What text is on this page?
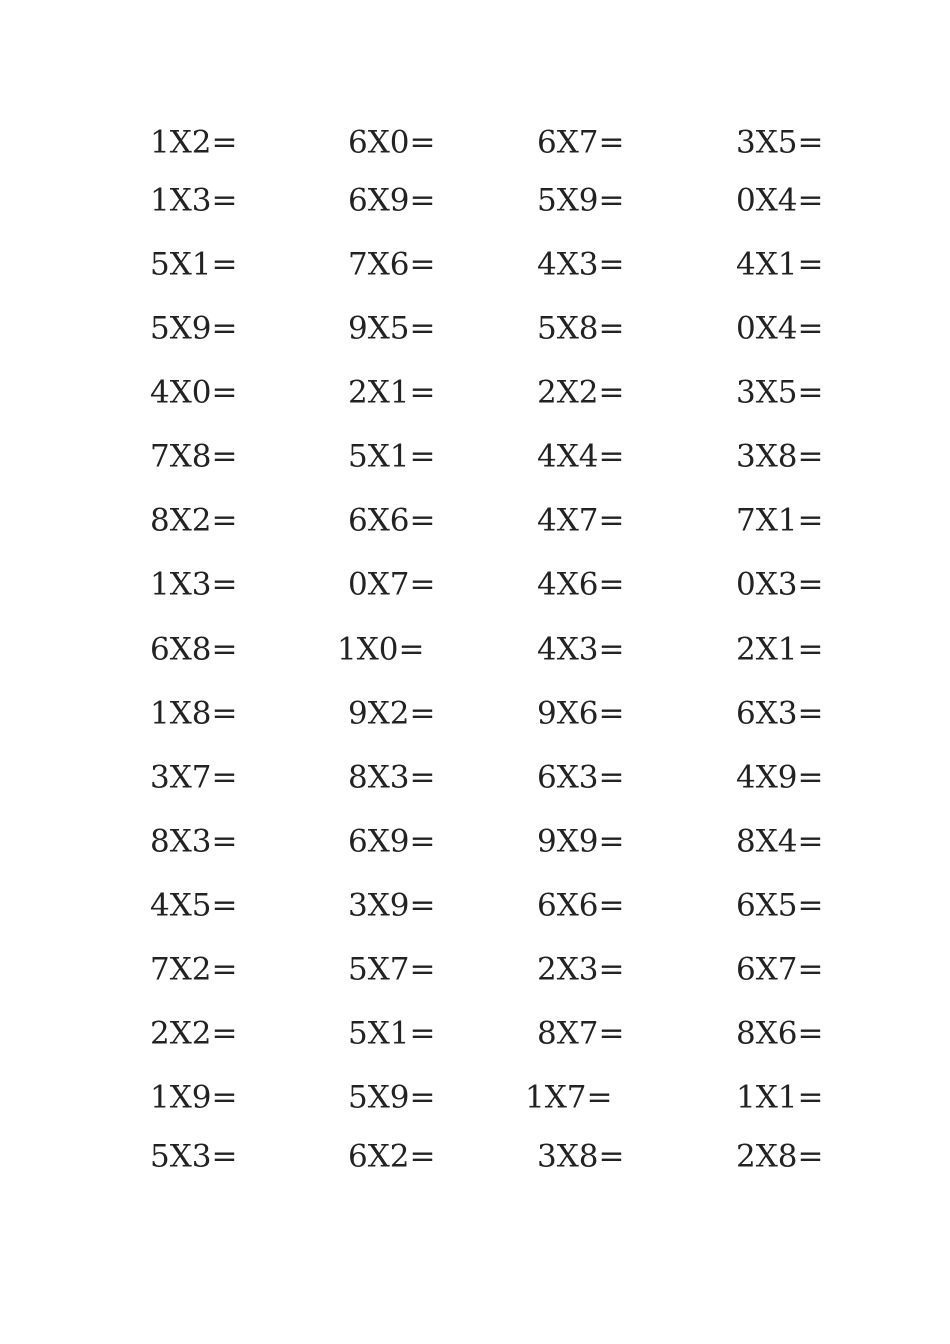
1X2=	6X0=	6X7=	3X5=
1X3=	6X9=	5X9=	0X4=
5X1=	7X6=	4X3=	4X1=
5X9=	9X5=	5X8=	0X4=
4X0=	2X1=	2X2=	3X5=
7X8=	5X1=	4X4=	3X8=
8X2=	6X6=	4X7=	7X1=
1X3=	0X7=	4X6=	0X3=
6X8=	1X0=	4X3=	2X1=
1X8=	9X2=	9X6=	6X3=
3X7=	8X3=	6X3=	4X9=
8X3=	6X9=	9X9=	8X4=
4X5=	3X9=	6X6=	6X5=
7X2=	5X7=	2X3=	6X7=
2X2=	5X1=	8X7=	8X6=
1X9=	5X9=	1X7=	1X1=
5X3=	6X2=	3X8=	2X8=
